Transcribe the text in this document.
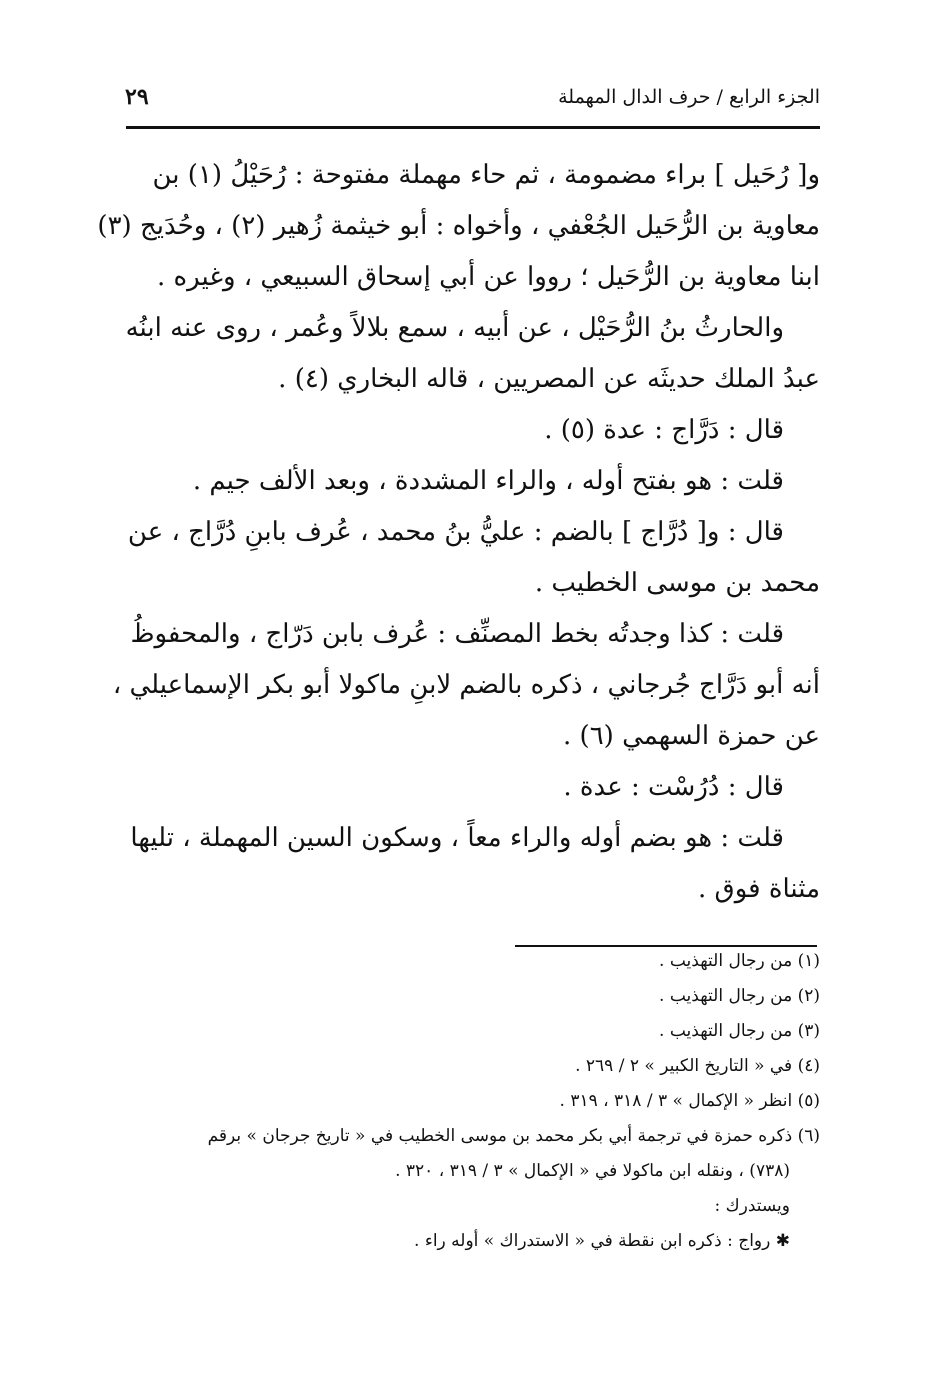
الجزء الرابع / حرف الدال المهملة
٢٩
و[ رُحَيل ] براء مضمومة ، ثم حاء مهملة مفتوحة : رُحَيْلُ (١) بن
معاوية بن الرُّحَيل الجُعْفي ، وأخواه : أبو خيثمة زُهير (٢) ، وحُدَيج (٣)
ابنا معاوية بن الرُّحَيل ؛ رووا عن أبي إسحاق السبيعي ، وغيره .
والحارثُ بنُ الرُّحَيْل ، عن أبيه ، سمع بلالاً وعُمر ، روى عنه ابنُه
عبدُ الملك حديثَه عن المصريين ، قاله البخاري (٤) .
قال : دَرَّاج : عدة (٥) .
قلت : هو بفتح أوله ، والراء المشددة ، وبعد الألف جيم .
قال : و[ دُرَّاج ] بالضم : عليُّ بنُ محمد ، عُرف بابنِ دُرَّاج ، عن
محمد بن موسى الخطيب .
قلت : كذا وجدتُه بخط المصنِّف : عُرف بابن دَرّاج ، والمحفوظُ
أنه أبو دَرَّاج جُرجاني ، ذكره بالضم لابنِ ماكولا أبو بكر الإسماعيلي ،
عن حمزة السهمي (٦) .
قال : دُرُسْت : عدة .
قلت : هو بضم أوله والراء معاً ، وسكون السين المهملة ، تليها
مثناة فوق .
(١) من رجال التهذيب .
(٢) من رجال التهذيب .
(٣) من رجال التهذيب .
(٤) في « التاريخ الكبير » ٢ / ٢٦٩ .
(٥) انظر « الإكمال » ٣ / ٣١٨ ، ٣١٩ .
(٦) ذكره حمزة في ترجمة أبي بكر محمد بن موسى الخطيب في « تاريخ جرجان » برقم
(٧٣٨) ، ونقله ابن ماكولا في « الإكمال » ٣ / ٣١٩ ، ٣٢٠ .
ويستدرك :
✱ رواج : ذكره ابن نقطة في « الاستدراك » أوله راء .
